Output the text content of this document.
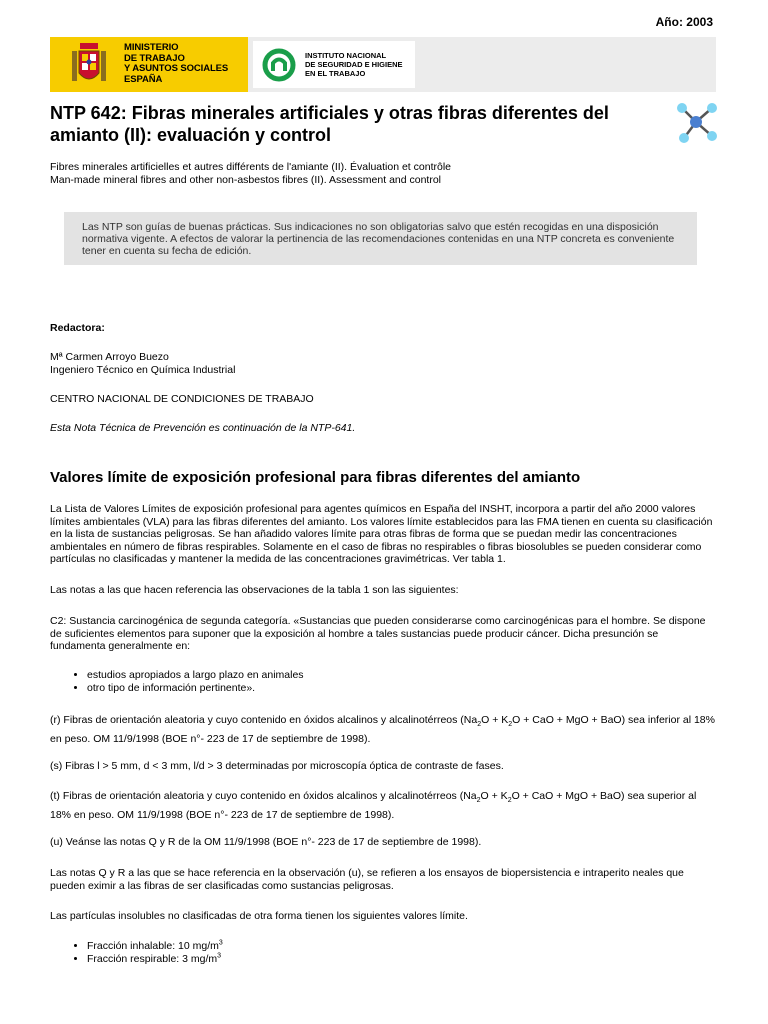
Año: 2003
MINISTERIO
DE TRABAJO
Y ASUNTOS SOCIALES
ESPAÑA
INSTITUTO NACIONAL
DE SEGURIDAD E HIGIENE
EN EL TRABAJO
NTP 642: Fibras minerales artificiales y otras fibras diferentes del amianto (II): evaluación y control
Fibres minerales artificielles et autres différents de l'amiante (II). Évaluation et contrôle
Man-made mineral fibres and other non-asbestos fibres (II). Assessment and control

Las NTP son guías de buenas prácticas. Sus indicaciones no son obligatorias salvo que estén recogidas en una disposición normativa vigente. A efectos de valorar la pertinencia de las recomendaciones contenidas en una NTP concreta es conveniente tener en cuenta su fecha de edición.

Redactora:

Mª Carmen Arroyo Buezo

Ingeniero Técnico en Química Industrial

CENTRO NACIONAL DE CONDICIONES DE TRABAJO

Esta Nota Técnica de Prevención es continuación de la NTP-641.

Valores límite de exposición profesional para fibras diferentes del amianto

La Lista de Valores Límites de exposición profesional para agentes químicos en España del INSHT, incorpora a partir del año 2000 valores límites ambientales (VLA) para las fibras diferentes del amianto. Los valores límite establecidos para las FMA tienen en cuenta su clasificación en la lista de sustancias peligrosas. Se han añadido valores límite para otras fibras de forma que se puedan medir las concentraciones ambientales en número de fibras respirables. Solamente en el caso de fibras no respirables o fibras biosolubles se pueden considerar como partículas no clasificadas y mantener la medida de las concentraciones gravimétricas. Ver tabla 1.

Las notas a las que hacen referencia las observaciones de la tabla 1 son las siguientes:

C2: Sustancia carcinogénica de segunda categoría. «Sustancias que pueden considerarse como carcinogénicas para el hombre. Se dispone de suficientes elementos para suponer que la exposición al hombre a tales sustancias puede producir cáncer. Dicha presunción se fundamenta generalmente en:

• estudios apropiados a largo plazo en animales
• otro tipo de información pertinente».

(r) Fibras de orientación aleatoria y cuyo contenido en óxidos alcalinos y alcalinotérreos ($Na_2O + K_2O$ + CaO + MgO + BaO) sea inferior al 18% en peso. OM 11/9/1998 (BOE n°- 223 de 17 de septiembre de 1998).

(s) Fibras l > 5 mm, d < 3 mm, l/d > 3 determinadas por microscopía óptica de contraste de fases.

(t) Fibras de orientación aleatoria y cuyo contenido en óxidos alcalinos y alcalinotérreos ($Na_2O + K_2O$ + CaO + MgO + BaO) sea superior al 18% en peso. OM 11/9/1998 (BOE n°- 223 de 17 de septiembre de 1998).

(u) Veánse las notas Q y R de la OM 11/9/1998 (BOE n°- 223 de 17 de septiembre de 1998).

Las notas Q y R a las que se hace referencia en la observación (u), se refieren a los ensayos de biopersistencia e intraperito neales que pueden eximir a las fibras de ser clasificadas como sustancias peligrosas.

Las partículas insolubles no clasificadas de otra forma tienen los siguientes valores límite.

• Fracción inhalable: 10 $mg/m^3$
• Fracción respirable: 3 $mg/m^3$
